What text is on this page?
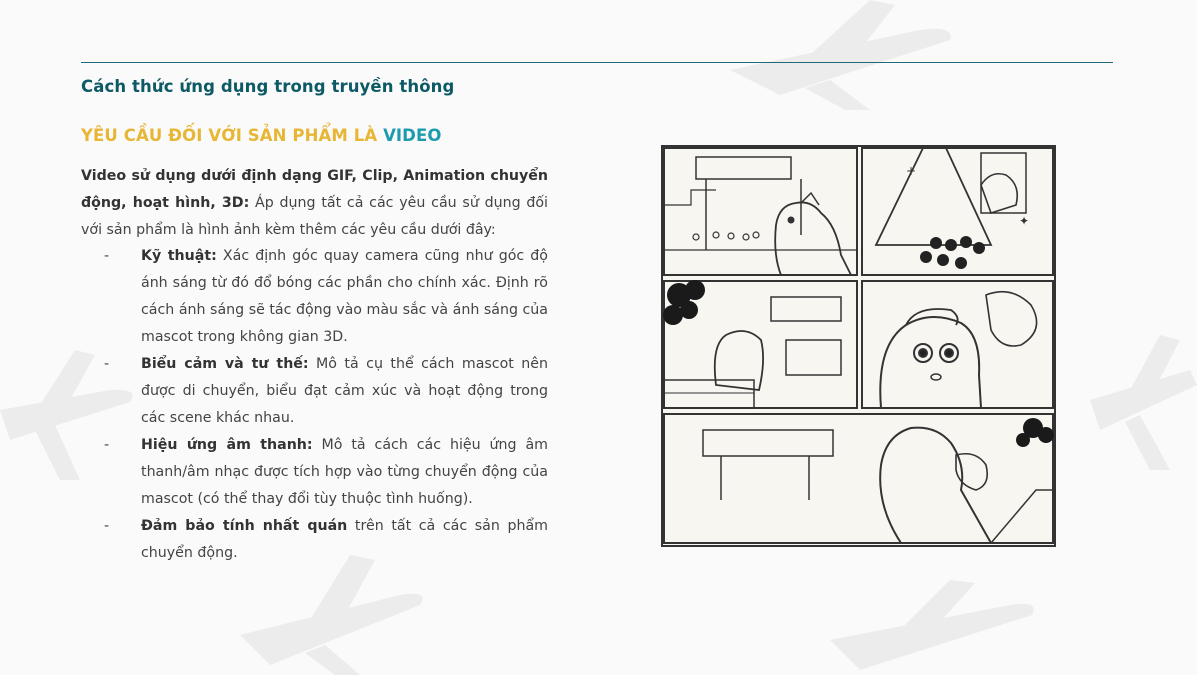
Cách thức ứng dụng trong truyền thông
YÊU CẦU ĐỐI VỚI SẢN PHẨM LÀ VIDEO

Video sử dụng dưới định dạng GIF, Clip, Animation chuyển động, hoạt hình, 3D: Áp dụng tất cả các yêu cầu sử dụng đối với sản phẩm là hình ảnh kèm thêm các yêu cầu dưới đây:

- Kỹ thuật: Xác định góc quay camera cũng như góc độ ánh sáng từ đó đổ bóng các phần cho chính xác. Định rõ cách ánh sáng sẽ tác động vào màu sắc và ánh sáng của mascot trong không gian 3D.
- Biểu cảm và tư thế: Mô tả cụ thể cách mascot nên được di chuyển, biểu đạt cảm xúc và hoạt động trong các scene khác nhau.
- Hiệu ứng âm thanh: Mô tả cách các hiệu ứng âm thanh/âm nhạc được tích hợp vào từng chuyển động của mascot (có thể thay đổi tùy thuộc tình huống).
- Đảm bảo tính nhất quán trên tất cả các sản phẩm chuyển động.
+
✦
